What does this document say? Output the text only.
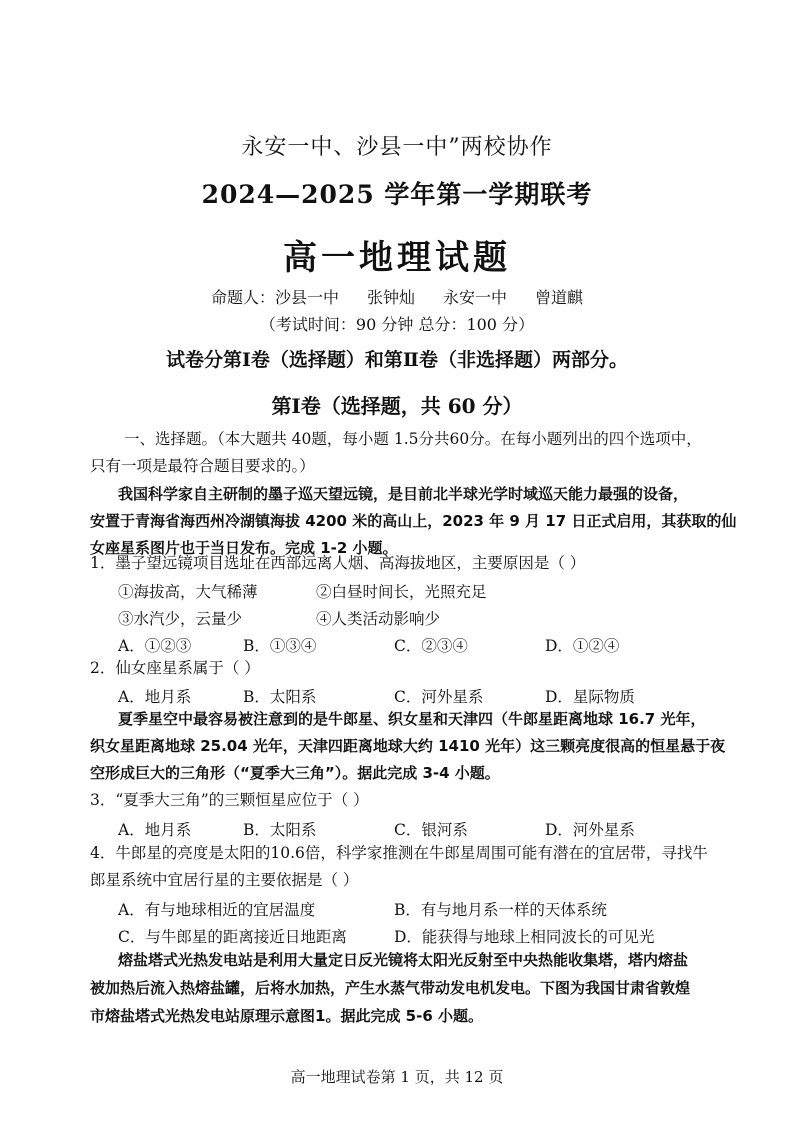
永安一中、沙县一中”两校协作
2024—2025 学年第一学期联考
高一地理试题
命题人：沙县一中 张钟灿 永安一中 曾道麒
（考试时间：90 分钟 总分：100 分）
试卷分第Ⅰ卷（选择题）和第Ⅱ卷（非选择题）两部分。
第Ⅰ卷（选择题，共 60 分）
一、选择题。（本大题共 40题，每小题 1.5分共60分。在每小题列出的四个选项中，
只有一项是最符合题目要求的。）
我国科学家自主研制的墨子巡天望远镜，是目前北半球光学时域巡天能力最强的设备，
安置于青海省海西州冷湖镇海拔 4200 米的高山上，2023 年 9 月 17 日正式启用，其获取的仙
女座星系图片也于当日发布。完成 1-2 小题。
1．墨子望远镜项目选址在西部远离人烟、高海拔地区，主要原因是（ ）
①海拔高，大气稀薄	②白昼时间长，光照充足
③水汽少，云量少	④人类活动影响少
A．①②③	B．①③④	C．②③④	D．①②④
2．仙女座星系属于（ ）
A．地月系	B．太阳系	C．河外星系	D．星际物质
夏季星空中最容易被注意到的是牛郎星、织女星和天津四（牛郎星距离地球 16.7 光年，
织女星距离地球 25.04 光年，天津四距离地球大约 1410 光年）这三颗亮度很高的恒星悬于夜
空形成巨大的三角形（“夏季大三角”）。据此完成 3-4 小题。
3．“夏季大三角”的三颗恒星应位于（ ）
A．地月系	B．太阳系	C．银河系	D．河外星系
4．牛郎星的亮度是太阳的10.6倍，科学家推测在牛郎星周围可能有潜在的宜居带，寻找牛
郎星系统中宜居行星的主要依据是（ ）
A．有与地球相近的宜居温度	B．有与地月系一样的天体系统
C．与牛郎星的距离接近日地距离	D．能获得与地球上相同波长的可见光
熔盐塔式光热发电站是利用大量定日反光镜将太阳光反射至中央热能收集塔，塔内熔盐
被加热后流入热熔盐罐，后将水加热，产生水蒸气带动发电机发电。下图为我国甘肃省敦煌
市熔盐塔式光热发电站原理示意图1。据此完成 5-6 小题。
高一地理试卷第 1 页，共 12 页
